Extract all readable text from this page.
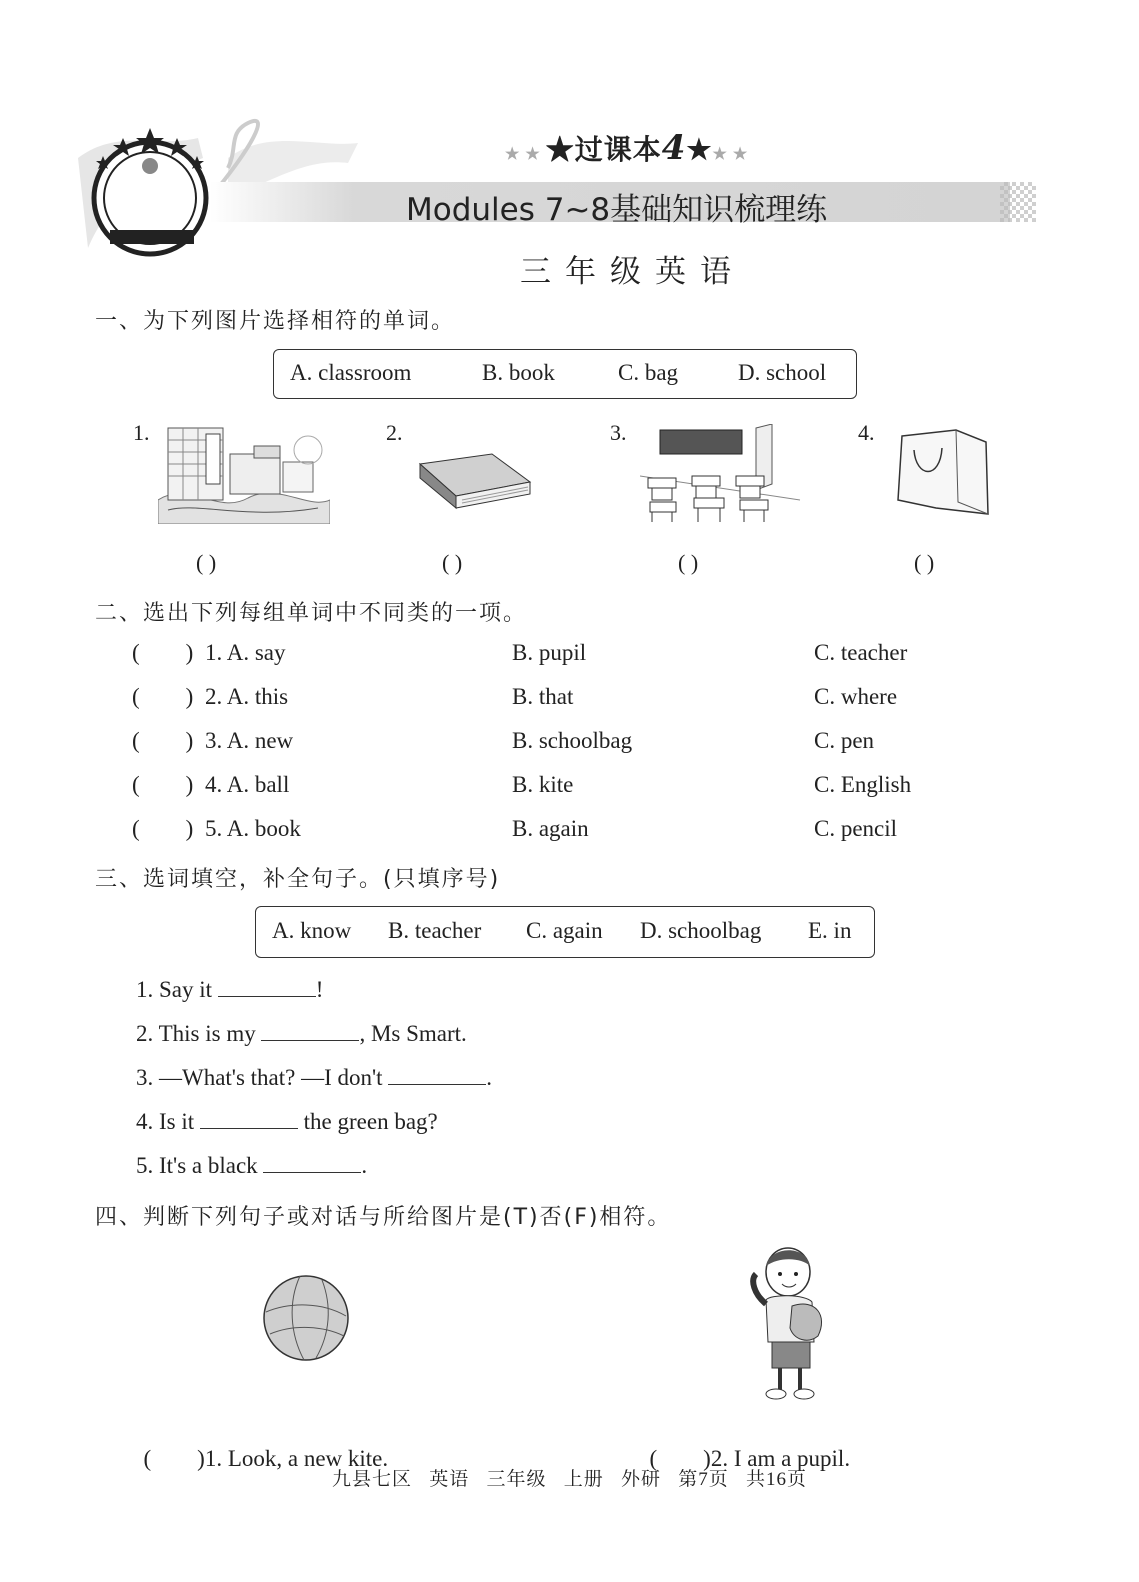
★★★过课本4★★★
Modules 7~8基础知识梳理练
三年级英语
一、为下列图片选择相符的单词。
A. classroom	B. book	C. bag	D. school
1.	2.	3.	4.
( )	( )	( )	( )
二、选出下列每组单词中不同类的一项。
(        ) 1. A. say	B. pupil	C. teacher
(        ) 2. A. this	B. that	C. where
(        ) 3. A. new	B. schoolbag	C. pen
(        ) 4. A. ball	B. kite	C. English
(        ) 5. A. book	B. again	C. pencil
三、选词填空，补全句子。(只填序号)
A. know B. teacher C. again D. schoolbag E. in
1. Say it	!
2. This is my	, Ms Smart.
3. —What's that? —I don't	.
4. Is it	the green bag?
5. It's a black	.
四、判断下列句子或对话与所给图片是(T)否(F)相符。

(        )1. Look, a new kite.	(        )2. I am a pupil.

九县七区   英语   三年级   上册   外研   第7页   共16页
